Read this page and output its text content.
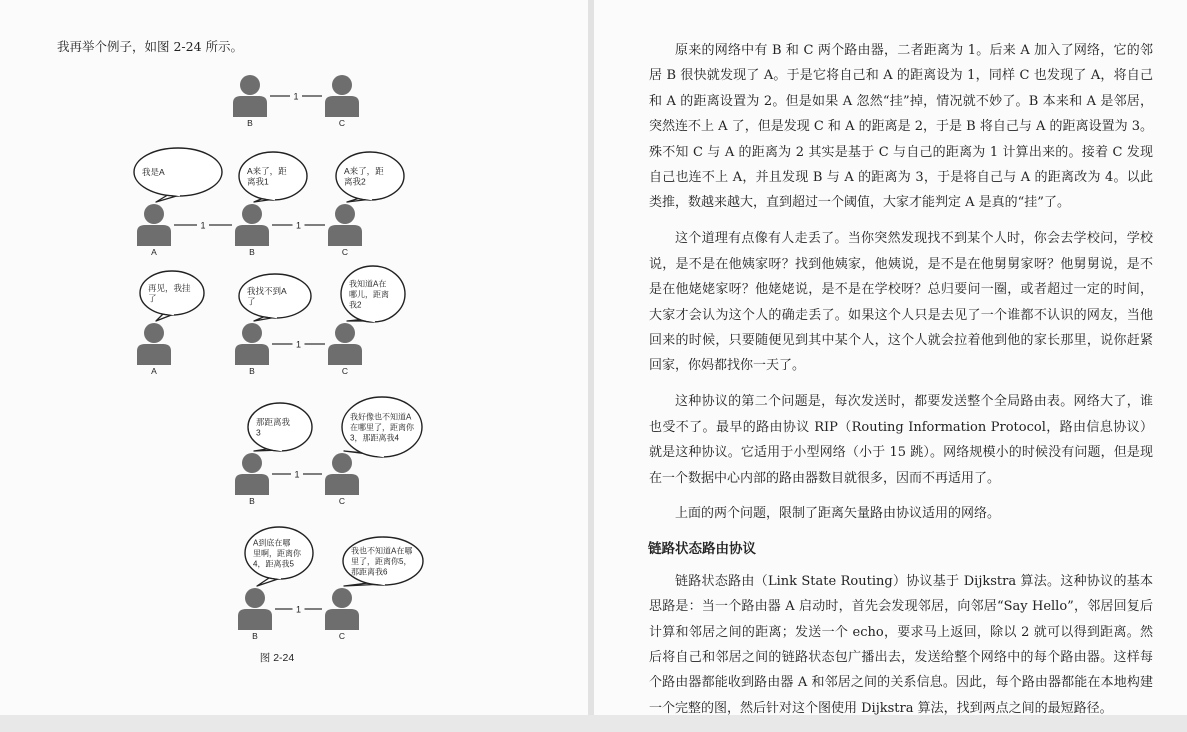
我再举个例子，如图 2-24 所示。
1
B	C
1	1
A	B	C
我是A	A来了，距
离我1
A来了，距
离我2
1
A	B	C
再见，我挂
了
我找不到A
了
我知道A在
哪儿，距离
我2
1
B	C
那距离我
3
我好像也不知道A
在哪里了，距离你
3，那距离我4
1
B	C
A到底在哪
里啊，距离你
4，距离我5
我也不知道A在哪
里了，距离你5，
那距离我6
图 2-24

原来的网络中有 B 和 C 两个路由器，二者距离为 1。后来 A 加入了网络，它的邻居 B 很快就发现了 A。于是它将自己和 A 的距离设为 1，同样 C 也发现了 A，将自己和 A 的距离设置为 2。但是如果 A 忽然“挂”掉，情况就不妙了。B 本来和 A 是邻居，突然连不上 A 了，但是发现 C 和 A 的距离是 2，于是 B 将自己与 A 的距离设置为 3。殊不知 C 与 A 的距离为 2 其实是基于 C 与自己的距离为 1 计算出来的。接着 C 发现自己也连不上 A，并且发现 B 与 A 的距离为 3，于是将自己与 A 的距离改为 4。以此类推，数越来越大，直到超过一个阈值，大家才能判定 A 是真的“挂”了。

这个道理有点像有人走丢了。当你突然发现找不到某个人时，你会去学校问，学校说，是不是在他姨家呀？找到他姨家，他姨说，是不是在他舅舅家呀？他舅舅说，是不是在他姥姥家呀？他姥姥说，是不是在学校呀？总归要问一圈，或者超过一定的时间，大家才会认为这个人的确走丢了。如果这个人只是去见了一个谁都不认识的网友，当他回来的时候，只要随便见到其中某个人，这个人就会拉着他到他的家长那里，说你赶紧回家，你妈都找你一天了。

这种协议的第二个问题是，每次发送时，都要发送整个全局路由表。网络大了，谁也受不了。最早的路由协议 RIP（Routing Information Protocol，路由信息协议）就是这种协议。它适用于小型网络（小于 15 跳）。网络规模小的时候没有问题，但是现在一个数据中心内部的路由器数目就很多，因而不再适用了。

上面的两个问题，限制了距离矢量路由协议适用的网络。

链路状态路由协议

链路状态路由（Link State Routing）协议基于 Dijkstra 算法。这种协议的基本思路是：当一个路由器 A 启动时，首先会发现邻居，向邻居“Say Hello”，邻居回复后计算和邻居之间的距离；发送一个 echo，要求马上返回，除以 2 就可以得到距离。然后将自己和邻居之间的链路状态包广播出去，发送给整个网络中的每个路由器。这样每个路由器都能收到路由器 A 和邻居之间的关系信息。因此，每个路由器都能在本地构建一个完整的图，然后针对这个图使用 Dijkstra 算法，找到两点之间的最短路径。
